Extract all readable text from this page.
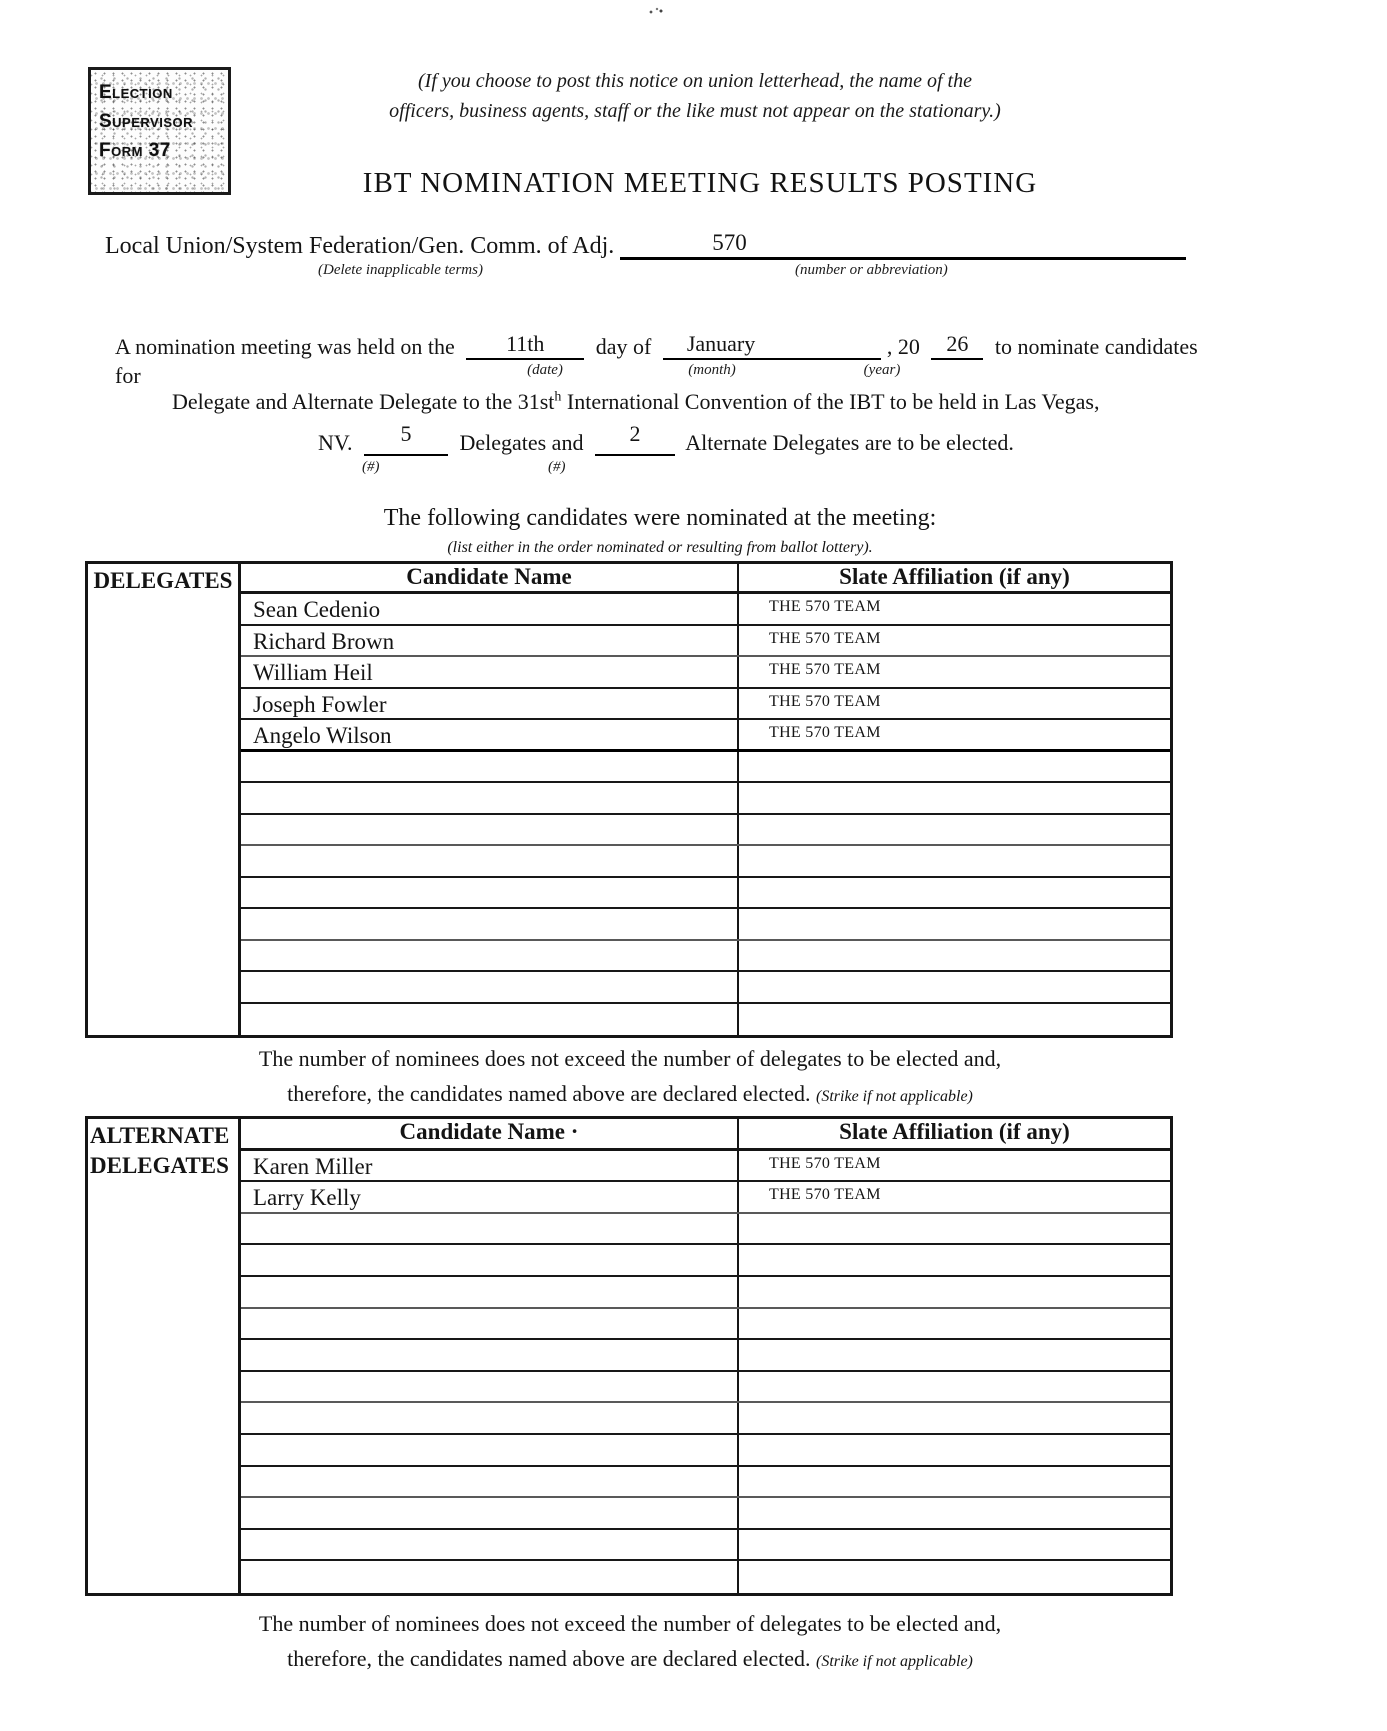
Election
Supervisor
Form 37
(If you choose to post this notice on union letterhead, the name of the
officers, business agents, staff or the like must not appear on the stationary.)
IBT NOMINATION MEETING RESULTS POSTING
Local Union/System Federation/Gen. Comm. of Adj.	570
(Delete inapplicable terms)	(number or abbreviation)
A nomination meeting was held on the 11th day of January	, 20 26 to nominate candidates
(date)	(month)	(year)
for
Delegate and Alternate Delegate to the $31st^h$ International Convention of the IBT to be held in Las Vegas,
NV. 5 Delegates and 2 Alternate Delegates are to be elected.
(#)	(#)
The following candidates were nominated at the meeting:
(list either in the order nominated or resulting from ballot lottery).
DELEGATES	Candidate Name	Slate Affiliation (if any)
Sean Cedenio	THE 570 TEAM
Richard Brown	THE 570 TEAM
William Heil	THE 570 TEAM
Joseph Fowler	THE 570 TEAM
Angelo Wilson	THE 570 TEAM
The number of nominees does not exceed the number of delegates to be elected and,
therefore, the candidates named above are declared elected. (Strike if not applicable)
ALTERNATE
DELEGATES
Candidate Name ·	Slate Affiliation (if any)
Karen Miller	THE 570 TEAM
Larry Kelly	THE 570 TEAM
The number of nominees does not exceed the number of delegates to be elected and,
therefore, the candidates named above are declared elected. (Strike if not applicable)
